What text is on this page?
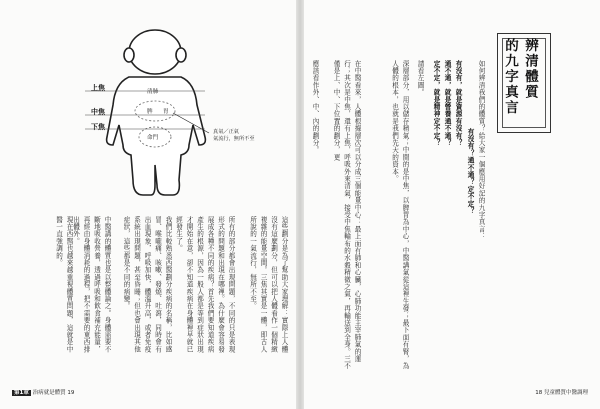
上焦
中焦
下焦
清肺
脾 胃
命門
真氣／正氣
氣流行，無所不至
這些劃分是為了幫助大家理解：實際上人體沒有這麼劃分，但可以把人體看作一個精緻複雜的能量空間。三焦其實是一體，即古人所說的一氣流行，無所不至。
所有的部分都會出現問題，不同的只是表現形式的問題和出現在哪裡。為什麼會容易發展成各種不同的疾病？首先我們要知道疾病產生的根源，因為一般人都是等到症狀出現才開始在意，卻不知道疾病在身體裡早就已經發生了。
我們比較熟悉西醫劃分疾病的名稱，比如感冒、喉嚨痛、咳嗽、發燒、吐瀉，同時會有出血現象，呼吸加快，體溫升高，或者免疫系統出現問題，甚至昏睡；但也會出現其他症狀，這些都是不同的病變。
中醫講的體質也是以整體論之。身體需要不斷地吸收營養，透過呼吸和飲食補充能量，再經由身體消耗的過程，把不需要的東西排出體外。
現在西醫也越來越重視體質問題，這就是中醫一直強調的。
辨清體質
的九字真言
如何辨清我們的體質？給大家一個應用好記的九字真言：
有沒有？通不通？定不定？
有沒有，就是資源有沒有？
通不通，就是營養通不通？
定不定，就是精神定不定？
請看左圖。
深層部分，用以儲存精氣；中間的是中焦，以脾胃為中心，中醫講氣從這裡生發；最下面有腎，為人體的根本，也就是我們先天的資本。
在中醫看來，人體根據層次可以分成三個能量中心：最上面有肺和心臟，心肺功能主宰肺氣的運行；其次是中焦，還有上焦，呼吸外來清氣，接受中焦輸布的水穀精微之氣，再輸送到全身。三不僅是上、中、下位置的劃分，更
應該看作外、中、內的劃分。
第1章 治病就是體質 19	18 兒童體質中醫調理
